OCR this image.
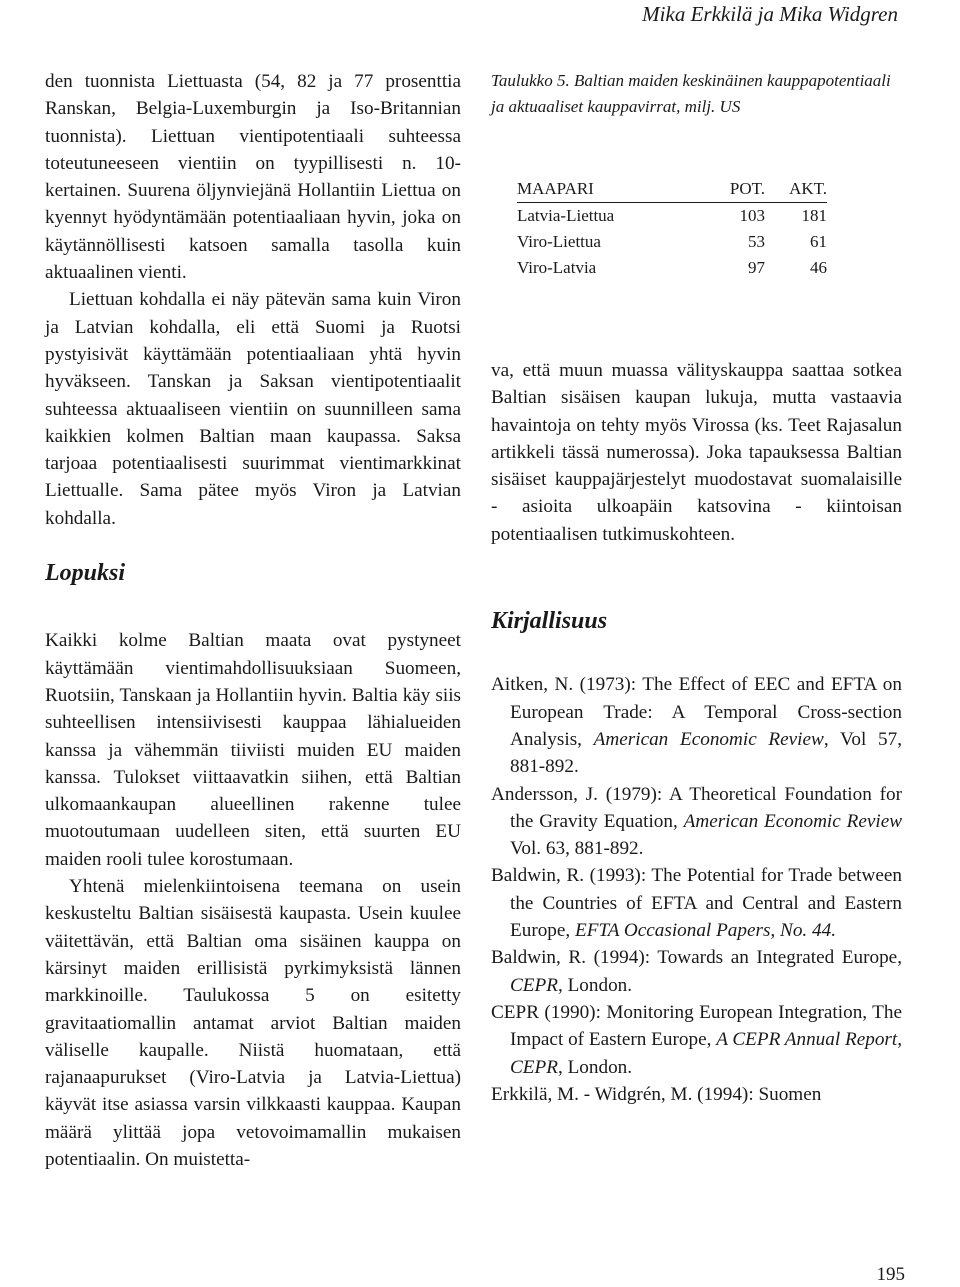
Mika Erkkilä ja Mika Widgren

den tuonnista Liettuasta (54, 82 ja 77 prosenttia Ranskan, Belgia-Luxemburgin ja Iso-Britannian tuonnista). Liettuan vientipotentiaali suhteessa toteutuneeseen vientiin on tyypillisesti n. 10-kertainen. Suurena öljynviejänä Hollantiin Liettua on kyennyt hyödyntämään potentiaaliaan hyvin, joka on käytännöllisesti katsoen samalla tasolla kuin aktuaalinen vienti.

Liettuan kohdalla ei näy pätevän sama kuin Viron ja Latvian kohdalla, eli että Suomi ja Ruotsi pystyisivät käyttämään potentiaaliaan yhtä hyvin hyväkseen. Tanskan ja Saksan vientipotentiaalit suhteessa aktuaaliseen vientiin on suunnilleen sama kaikkien kolmen Baltian maan kaupassa. Saksa tarjoaa potentiaalisesti suurimmat vientimarkkinat Liettualle. Sama pätee myös Viron ja Latvian kohdalla.

Lopuksi

Kaikki kolme Baltian maata ovat pystyneet käyttämään vientimahdollisuuksiaan Suomeen, Ruotsiin, Tanskaan ja Hollantiin hyvin. Baltia käy siis suhteellisen intensiivisesti kauppaa lähialueiden kanssa ja vähemmän tiiviisti muiden EU maiden kanssa. Tulokset viittaavatkin siihen, että Baltian ulkomaankaupan alueellinen rakenne tulee muotoutumaan uudelleen siten, että suurten EU maiden rooli tulee korostumaan.

Yhtenä mielenkiintoisena teemana on usein keskusteltu Baltian sisäisestä kaupasta. Usein kuulee väitettävän, että Baltian oma sisäinen kauppa on kärsinyt maiden erillisistä pyrkimyksistä lännen markkinoille. Taulukossa 5 on esitetty gravitaatiomallin antamat arviot Baltian maiden väliselle kaupalle. Niistä huomataan, että rajanaapurukset (Viro-Latvia ja Latvia-Liettua) käyvät itse asiassa varsin vilkkaasti kauppaa. Kaupan määrä ylittää jopa vetovoimamallin mukaisen potentiaalin. On muistetta-

Taulukko 5. Baltian maiden keskinäinen kauppapotentiaali ja aktuaaliset kauppavirrat, milj. US

MAAPARI	POT.	AKT.
Latvia-Liettua	103	181
Viro-Liettua	53	61
Viro-Latvia	97	46

va, että muun muassa välityskauppa saattaa sotkea Baltian sisäisen kaupan lukuja, mutta vastaavia havaintoja on tehty myös Virossa (ks. Teet Rajasalun artikkeli tässä numerossa). Joka tapauksessa Baltian sisäiset kauppajärjestelyt muodostavat suomalaisille - asioita ulkoapäin katsovina - kiintoisan potentiaalisen tutkimuskohteen.

Kirjallisuus
Aitken, N. (1973): The Effect of EEC and EFTA on European Trade: A Temporal Cross-section Analysis, American Economic Review, Vol 57, 881-892.
Andersson, J. (1979): A Theoretical Foundation for the Gravity Equation, American Economic Review Vol. 63, 881-892.
Baldwin, R. (1993): The Potential for Trade between the Countries of EFTA and Central and Eastern Europe, EFTA Occasional Papers, No. 44.
Baldwin, R. (1994): Towards an Integrated Europe, CEPR, London.
CEPR (1990): Monitoring European Integration, The Impact of Eastern Europe, A CEPR Annual Report, CEPR, London.
Erkkilä, M. - Widgrén, M. (1994): Suomen
195
